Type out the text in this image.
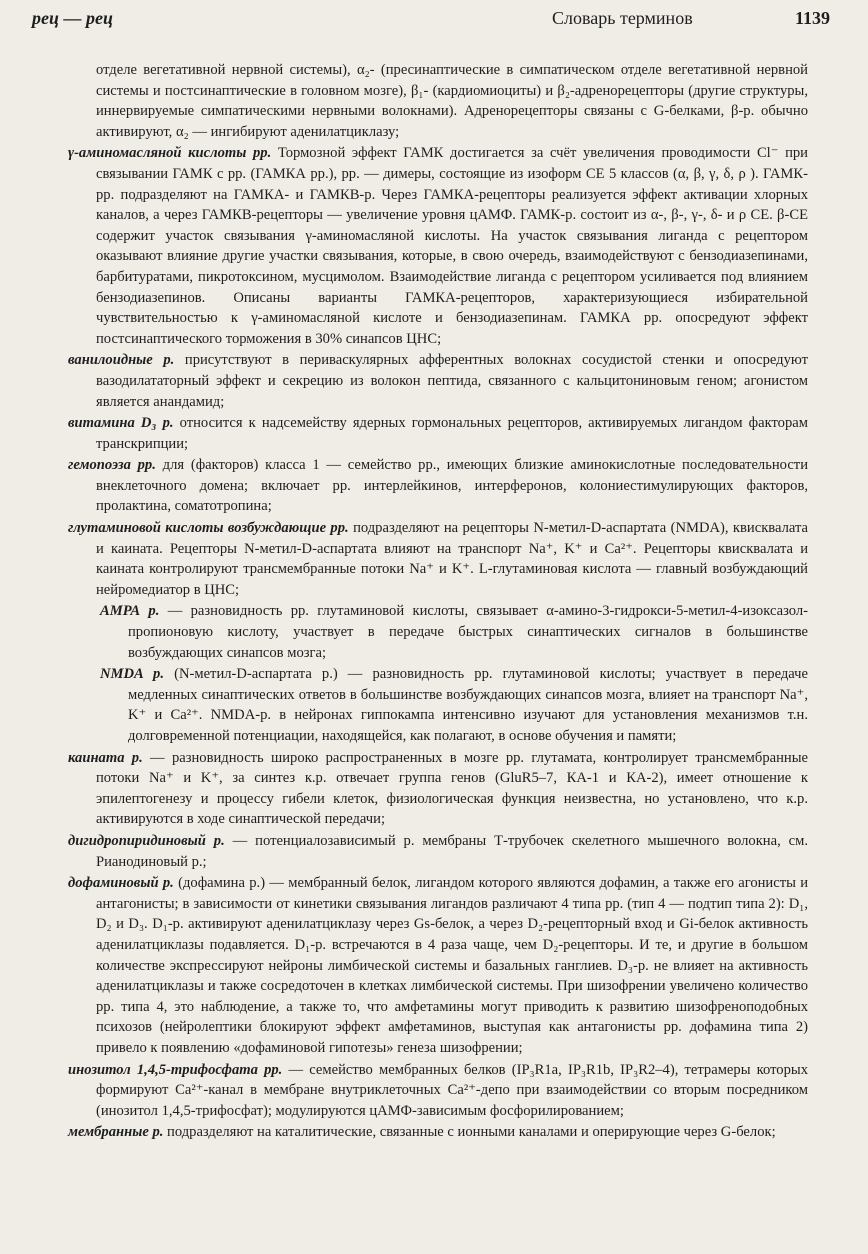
рец — рец	Словарь терминов	1139

отделе вегетативной нервной системы), α₂- (пресинаптические в симпатическом отделе вегетативной нервной системы и постсинаптические в головном мозге), β₁- (кардиомиоциты) и β₂-адренорецепторы (другие структуры, иннервируемые симпатическими нервными волокнами). Адренорецепторы связаны с G-белками, β-р. обычно активируют, α₂ — ингибируют аденилатциклазу;

γ-аминомасляной кислоты рр. Тормозной эффект ГАМК достигается за счёт увеличения проводимости Cl⁻ при связывании ГАМК с рр. (ГАМКА рр.), рр. — димеры, состоящие из изоформ СЕ 5 классов (α, β, γ, δ, ρ ). ГАМК-рр. подразделяют на ГАМКА- и ГАМКВ-р. Через ГАМКА-рецепторы реализуется эффект активации хлорных каналов, а через ГАМКВ-рецепторы — увеличение уровня цАМФ. ГАМК-р. состоит из α-, β-, γ-, δ- и ρ СЕ. β-СЕ содержит участок связывания γ-аминомасляной кислоты. На участок связывания лиганда с рецептором оказывают влияние другие участки связывания, которые, в свою очередь, взаимодействуют с бензодиазепинами, барбитуратами, пикротоксином, мусцимолом. Взаимодействие лиганда с рецептором усиливается под влиянием бензодиазепинов. Описаны варианты ГАМКА-рецепторов, характеризующиеся избирательной чувствительностью к γ-аминомасляной кислоте и бензодиазепинам. ГАМКА рр. опосредуют эффект постсинаптического торможения в 30% синапсов ЦНС;

ванилоидные р. присутствуют в периваскулярных афферентных волокнах сосудистой стенки и опосредуют вазодилататорный эффект и секрецию из волокон пептида, связанного с кальцитониновым геном; агонистом является анандамид;

витамина D₃ р. относится к надсемейству ядерных гормональных рецепторов, активируемых лигандом факторам транскрипции;

гемопоэза рр. для (факторов) класса 1 — семейство рр., имеющих близкие аминокислотные последовательности внеклеточного домена; включает рр. интерлейкинов, интерферонов, колониестимулирующих факторов, пролактина, соматотропина;

глутаминовой кислоты возбуждающие рр. подразделяют на рецепторы N-метил-D-аспартата (NMDA), квисквалата и каината. Рецепторы N-метил-D-аспартата влияют на транспорт Na⁺, K⁺ и Ca²⁺. Рецепторы квисквалата и каината контролируют трансмембранные потоки Na⁺ и K⁺. L-глутаминовая кислота — главный возбуждающий нейромедиатор в ЦНС;

АМРА р. — разновидность рр. глутаминовой кислоты, связывает α-амино-3-гидрокси-5-метил-4-изоксазол-пропионовую кислоту, участвует в передаче быстрых синаптических сигналов в большинстве возбуждающих синапсов мозга;

NMDA р. (N-метил-D-аспартата р.) — разновидность рр. глутаминовой кислоты; участвует в передаче медленных синаптических ответов в большинстве возбуждающих синапсов мозга, влияет на транспорт Na⁺, K⁺ и Ca²⁺. NMDA-р. в нейронах гиппокампа интенсивно изучают для установления механизмов т.н. долговременной потенциации, находящейся, как полагают, в основе обучения и памяти;

каината р. — разновидность широко распространенных в мозге рр. глутамата, контролирует трансмембранные потоки Na⁺ и K⁺, за синтез к.р. отвечает группа генов (GluR5–7, КА-1 и КА-2), имеет отношение к эпилептогенезу и процессу гибели клеток, физиологическая функция неизвестна, но установлено, что к.р. активируются в ходе синаптической передачи;

дигидропиридиновый р. — потенциалозависимый р. мембраны Т-трубочек скелетного мышечного волокна, см. Рианодиновый р.;

дофаминовый р. (дофамина р.) — мембранный белок, лигандом которого являются дофамин, а также его агонисты и антагонисты; в зависимости от кинетики связывания лигандов различают 4 типа рр. (тип 4 — подтип типа 2): D₁, D₂ и D₃. D₁-р. активируют аденилатциклазу через Gs-белок, а через D₂-рецепторный вход и Gi-белок активность аденилатциклазы подавляется. D₁-р. встречаются в 4 раза чаще, чем D₂-рецепторы. И те, и другие в большом количестве экспрессируют нейроны лимбической системы и базальных ганглиев. D₃-р. не влияет на активность аденилатциклазы и также сосредоточен в клетках лимбической системы. При шизофрении увеличено количество рр. типа 4, это наблюдение, а также то, что амфетамины могут приводить к развитию шизофреноподобных психозов (нейролептики блокируют эффект амфетаминов, выступая как антагонисты рр. дофамина типа 2) привело к появлению «дофаминовой гипотезы» генеза шизофрении;

инозитол 1,4,5-трифосфата рр. — семейство мембранных белков (IP₃R1a, IP₃R1b, IP₃R2–4), тетрамеры которых формируют Ca²⁺-канал в мембране внутриклеточных Ca²⁺-депо при взаимодействии со вторым посредником (инозитол 1,4,5-трифосфат); модулируются цАМФ-зависимым фосфорилированием;

мембранные р. подразделяют на каталитические, связанные с ионными каналами и оперирующие через G-белок;
